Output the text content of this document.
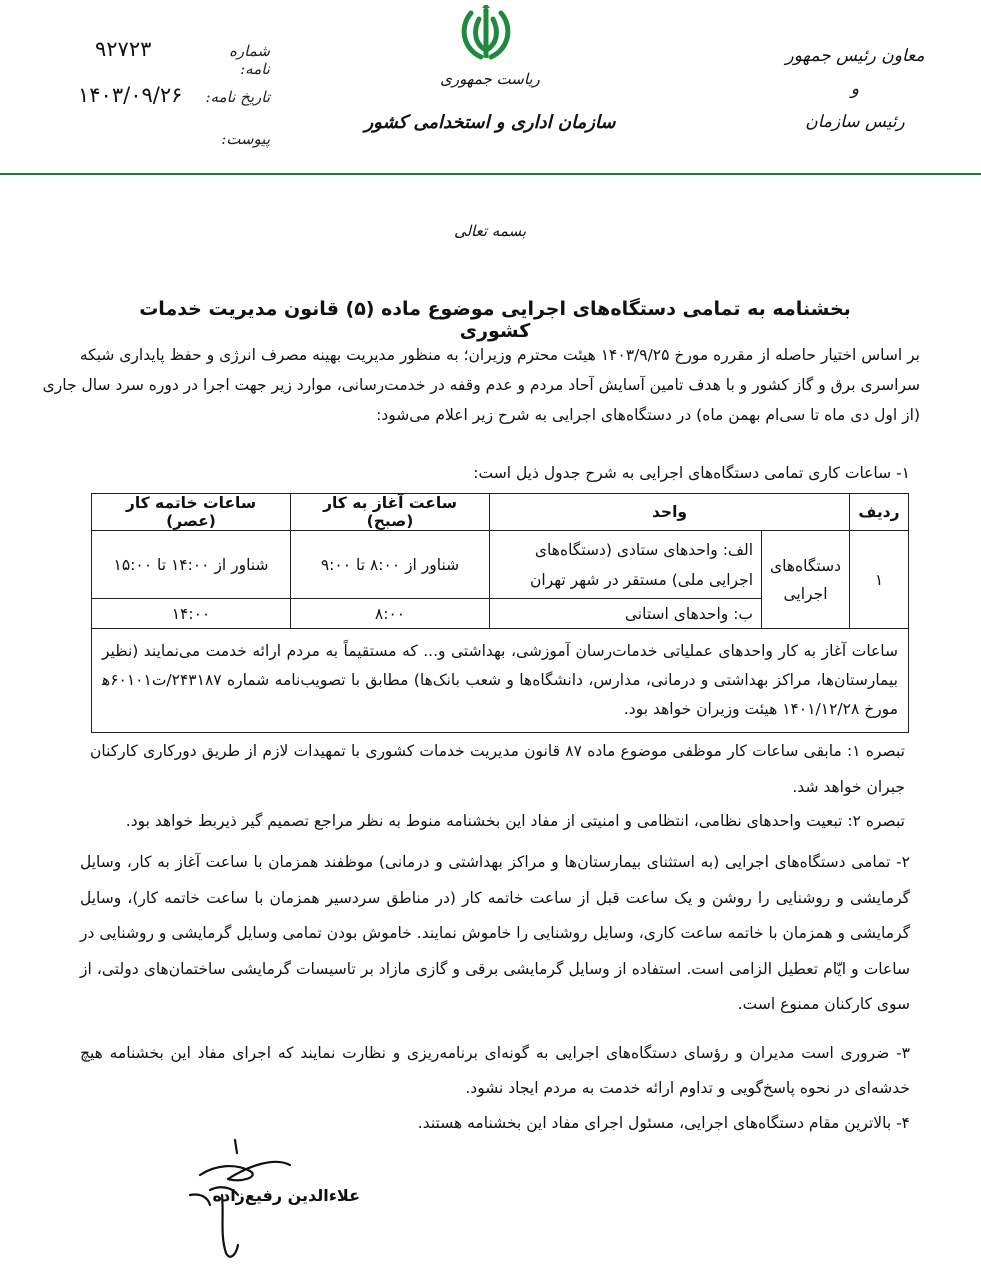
معاون رئیس جمهور
و
رئیس سازمان
ریاست جمهوری
سازمان اداری و استخدامی کشور
شماره نامه:
۹۲۷۲۳
تاریخ نامه:
۱۴۰۳/۰۹/۲۶
پیوست:
بسمه تعالی
بخشنامه به تمامی دستگاه‌های اجرایی موضوع ماده (۵) قانون مدیریت خدمات کشوری
بر اساس اختیار حاصله از مقرره مورخ ۱۴۰۳/۹/۲۵ هیئت محترم وزیران؛ به منظور مدیریت بهینه مصرف انرژی و حفظ پایداری شبکه
سراسری برق و گاز کشور و با هدف تامین آسایش آحاد مردم و عدم وقفه در خدمت‌رسانی، موارد زیر جهت اجرا در دوره سرد سال جاری
(از اول دی ماه تا سی‌ام بهمن ماه) در دستگاه‌های اجرایی به شرح زیر اعلام می‌شود:
۱- ساعات کاری تمامی دستگاه‌های اجرایی به شرح جدول ذیل است:
ردیف	واحد		ساعت آغاز به کار (صبح)	ساعات خاتمه کار (عصر)
۱	دستگاه‌های اجرایی	الف: واحدهای ستادی (دستگاه‌های اجرایی ملی) مستقر در شهر تهران	شناور از ۸:۰۰ تا ۹:۰۰	شناور از ۱۴:۰۰ تا ۱۵:۰۰
		ب: واحدهای استانی	۸:۰۰	۱۴:۰۰
ساعات آغاز به کار واحدهای عملیاتی خدمات‌رسان آموزشی، بهداشتی و... که مستقیماً به مردم ارائه خدمت می‌نمایند (نظیر بیمارستان‌ها، مراکز بهداشتی و درمانی، مدارس، دانشگاه‌ها و شعب بانک‌ها) مطابق با تصویب‌نامه شماره ۲۴۳۱۸۷/ت۶۰۱۰۱ه‍ مورخ ۱۴۰۱/۱۲/۲۸ هیئت وزیران خواهد بود.				
تبصره ۱: مابقی ساعات کار موظفی موضوع ماده ۸۷ قانون مدیریت خدمات کشوری با تمهیدات لازم از طریق دورکاری کارکنان جبران خواهد شد.
تبصره ۲: تبعیت واحدهای نظامی، انتظامی و امنیتی از مفاد این بخشنامه منوط به نظر مراجع تصمیم گیر ذیربط خواهد بود.
۲- تمامی دستگاه‌های اجرایی (به استثنای بیمارستان‌ها و مراکز بهداشتی و درمانی) موظفند همزمان با ساعت آغاز به کار، وسایل گرمایشی و روشنایی را روشن و یک ساعت قبل از ساعت خاتمه کار (در مناطق سردسیر همزمان با ساعت خاتمه کار)، وسایل گرمایشی و همزمان با خاتمه ساعت کاری، وسایل روشنایی را خاموش نمایند. خاموش بودن تمامی وسایل گرمایشی و روشنایی در ساعات و ایّام تعطیل الزامی است. استفاده از وسایل گرمایشی برقی و گازی مازاد بر تاسیسات گرمایشی ساختمان‌های دولتی، از سوی کارکنان ممنوع است.
۳- ضروری است مدیران و رؤسای دستگاه‌های اجرایی به گونه‌ای برنامه‌ریزی و نظارت نمایند که اجرای مفاد این بخشنامه هیچ خدشه‌ای در نحوه پاسخ‌گویی و تداوم ارائه خدمت به مردم ایجاد نشود.
۴- بالاترین مقام دستگاه‌های اجرایی، مسئول اجرای مفاد این بخشنامه هستند.
علاءالدین رفیع‌زاده
